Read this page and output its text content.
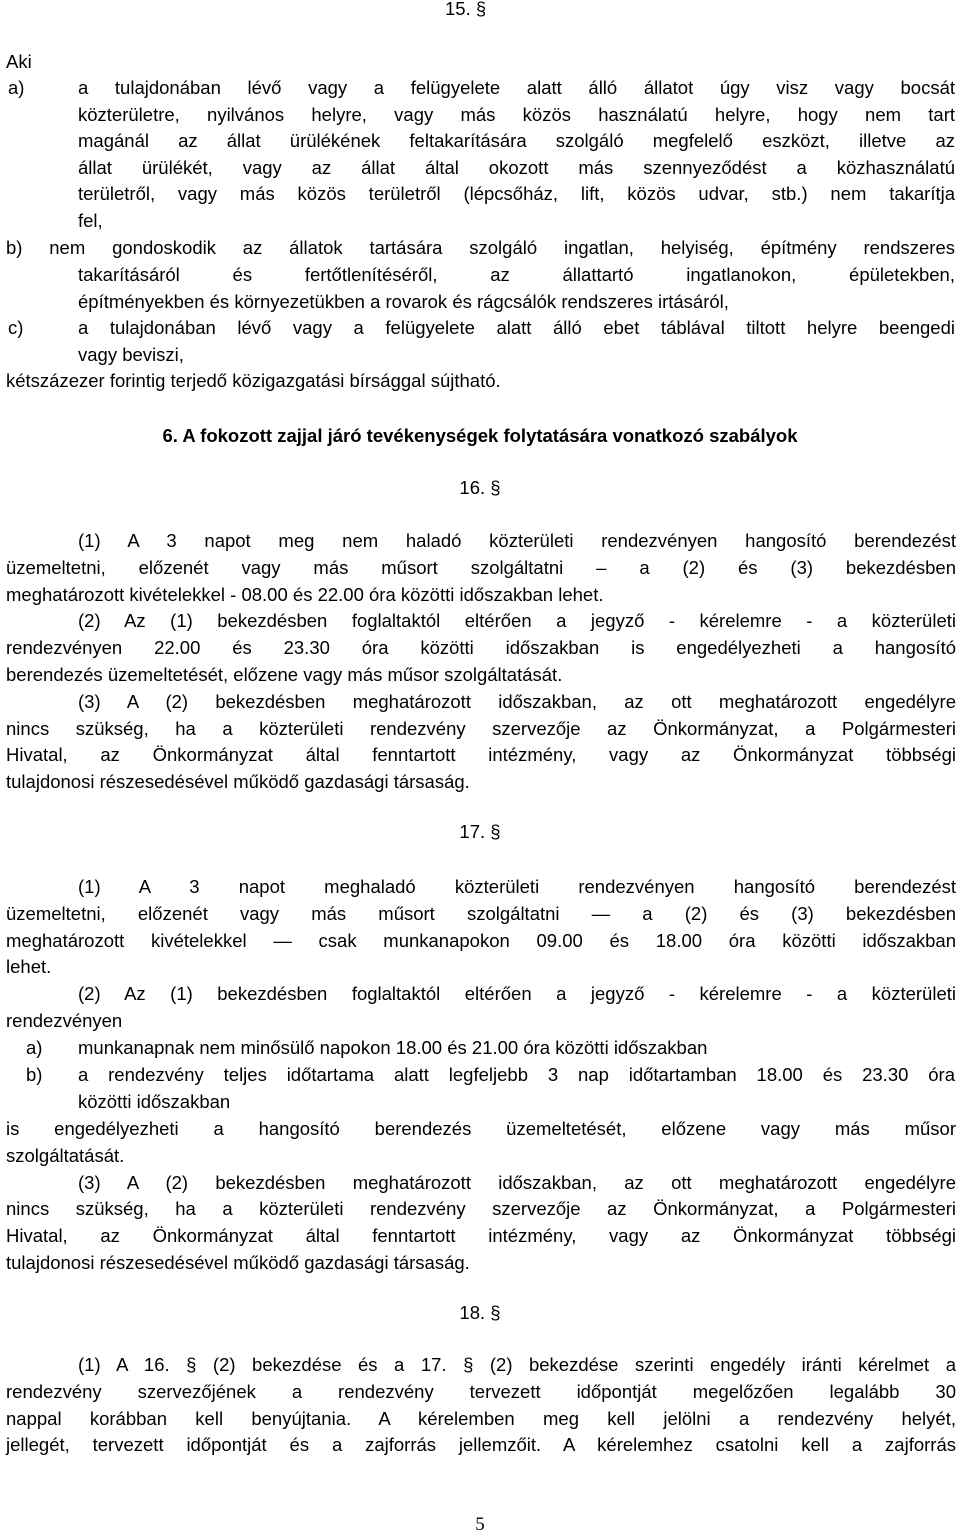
15. §
Aki
a)	a tulajdonában lévő vagy a felügyelete alatt álló állatot úgy visz vagy bocsát
közterületre, nyilvános helyre, vagy más közös használatú helyre, hogy nem tart
magánál az állat ürülékének feltakarítására szolgáló megfelelő eszközt, illetve az
állat ürülékét, vagy az állat által okozott más szennyeződést a közhasználatú
területről, vagy más közös területről (lépcsőház, lift, közös udvar, stb.) nem takarítja
fel,
b) nem gondoskodik az állatok tartására szolgáló ingatlan, helyiség, építmény rendszeres
takarításáról és fertőtlenítéséről, az állattartó ingatlanokon, épületekben,
építményekben és környezetükben a rovarok és rágcsálók rendszeres irtásáról,
c)	a tulajdonában lévő vagy a felügyelete alatt álló ebet táblával tiltott helyre beengedi
vagy beviszi,
kétszázezer forintig terjedő közigazgatási bírsággal sújtható.
6. A fokozott zajjal járó tevékenységek folytatására vonatkozó szabályok
16. §
(1) A 3 napot meg nem haladó közterületi rendezvényen hangosító berendezést
üzemeltetni, előzenét vagy más műsort szolgáltatni – a (2) és (3) bekezdésben
meghatározott kivételekkel - 08.00 és 22.00 óra közötti időszakban lehet.
(2) Az (1) bekezdésben foglaltaktól eltérően a jegyző - kérelemre - a közterületi
rendezvényen 22.00 és 23.30 óra közötti időszakban is engedélyezheti a hangosító
berendezés üzemeltetését, előzene vagy más műsor szolgáltatását.
(3) A (2) bekezdésben meghatározott időszakban, az ott meghatározott engedélyre
nincs szükség, ha a közterületi rendezvény szervezője az Önkormányzat, a Polgármesteri
Hivatal, az Önkormányzat által fenntartott intézmény, vagy az Önkormányzat többségi
tulajdonosi részesedésével működő gazdasági társaság.
17. §
(1) A 3 napot meghaladó közterületi rendezvényen hangosító berendezést
üzemeltetni, előzenét vagy más műsort szolgáltatni — a (2) és (3) bekezdésben
meghatározott kivételekkel — csak munkanapokon 09.00 és 18.00 óra közötti időszakban
lehet.
(2) Az (1) bekezdésben foglaltaktól eltérően a jegyző - kérelemre - a közterületi
rendezvényen
a)	munkanapnak nem minősülő napokon 18.00 és 21.00 óra közötti időszakban
b)	a rendezvény teljes időtartama alatt legfeljebb 3 nap időtartamban 18.00 és 23.30 óra
közötti időszakban
is engedélyezheti a hangosító berendezés üzemeltetését, előzene vagy más műsor
szolgáltatását.
(3) A (2) bekezdésben meghatározott időszakban, az ott meghatározott engedélyre
nincs szükség, ha a közterületi rendezvény szervezője az Önkormányzat, a Polgármesteri
Hivatal, az Önkormányzat által fenntartott intézmény, vagy az Önkormányzat többségi
tulajdonosi részesedésével működő gazdasági társaság.
18. §
(1) A 16. § (2) bekezdése és a 17. § (2) bekezdése szerinti engedély iránti kérelmet a
rendezvény szervezőjének a rendezvény tervezett időpontját megelőzően legalább 30
nappal korábban kell benyújtania. A kérelemben meg kell jelölni a rendezvény helyét,
jellegét, tervezett időpontját és a zajforrás jellemzőit. A kérelemhez csatolni kell a zajforrás
5
